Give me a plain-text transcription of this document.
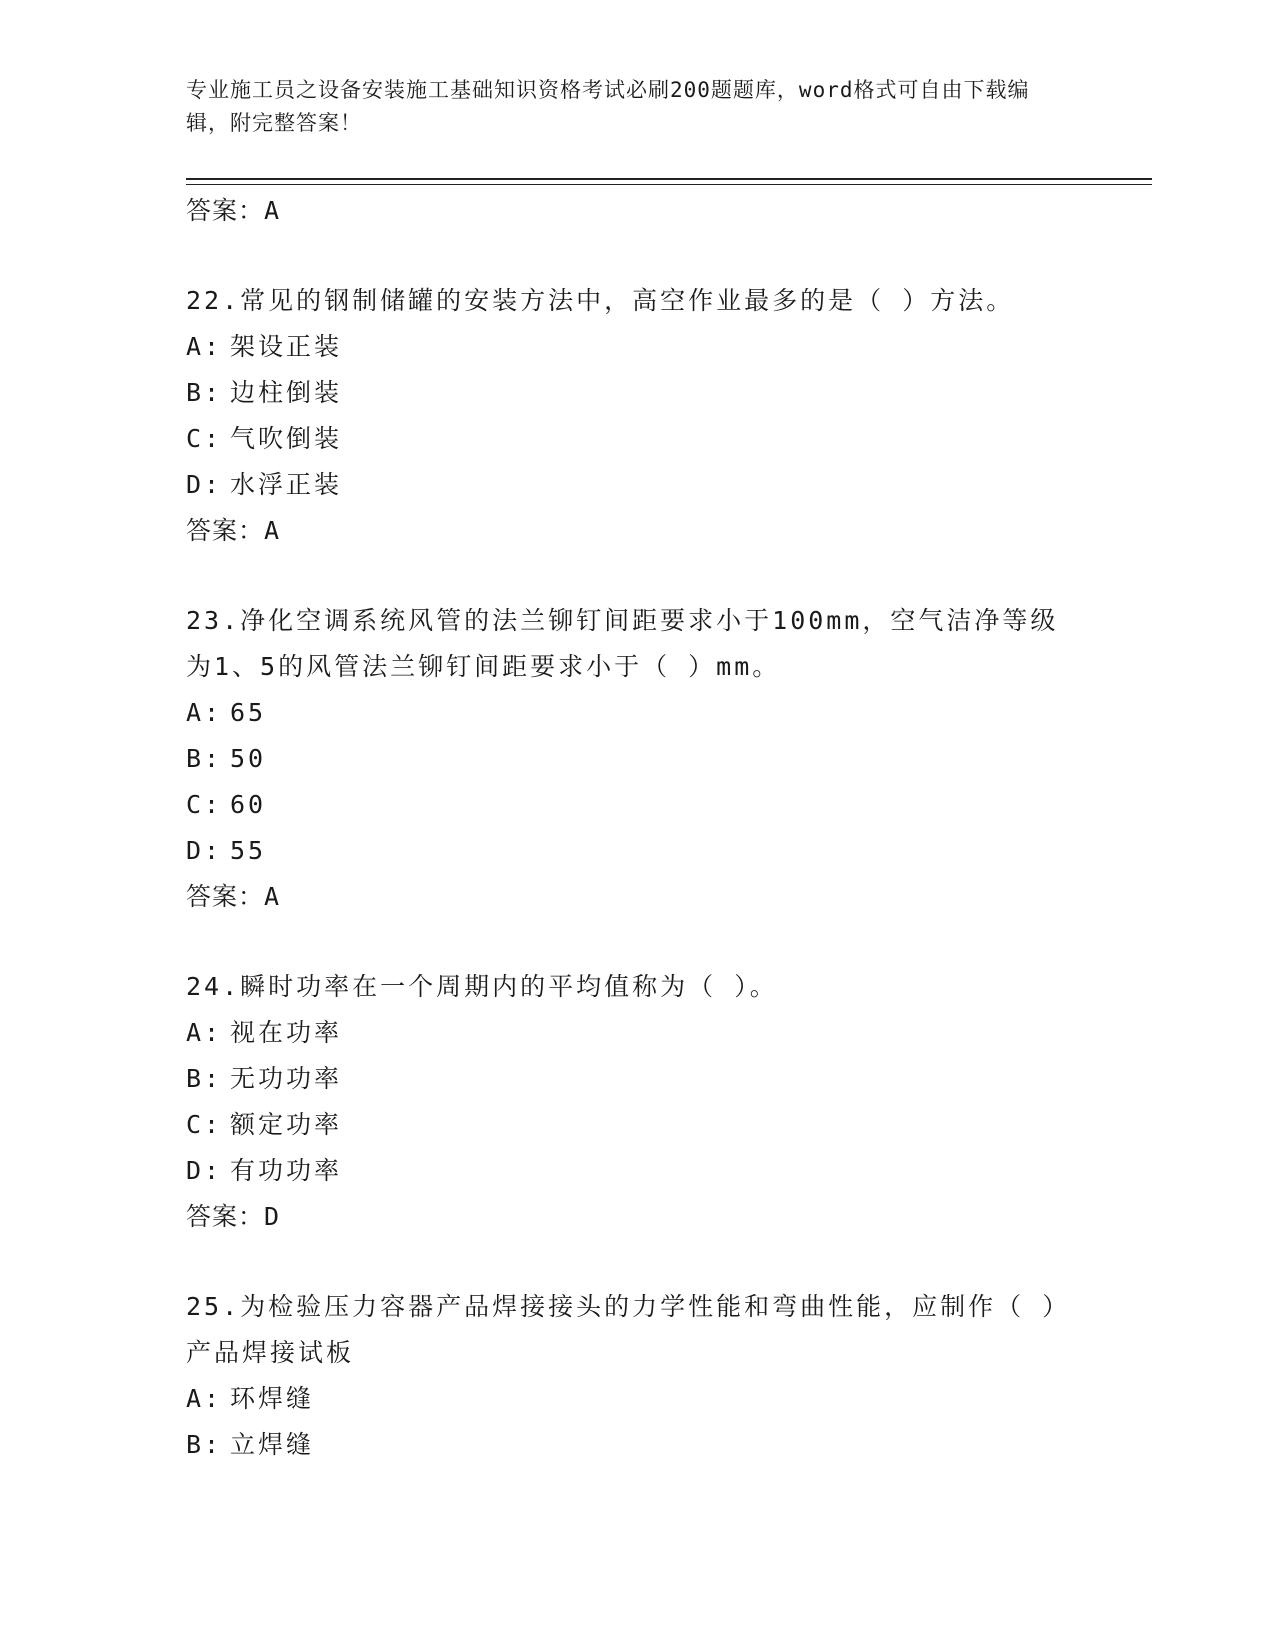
专业施工员之设备安装施工基础知识资格考试必刷200题题库，word格式可自由下载编辑，附完整答案！
答案：A
22.常见的钢制储罐的安装方法中，高空作业最多的是（ ）方法。
A: 架设正装
B: 边柱倒装
C: 气吹倒装
D: 水浮正装
答案：A
23.净化空调系统风管的法兰铆钉间距要求小于100mm，空气洁净等级为1、5的风管法兰铆钉间距要求小于（ ）mm。
A: 65
B: 50
C: 60
D: 55
答案：A
24.瞬时功率在一个周期内的平均值称为（ ）。
A: 视在功率
B: 无功功率
C: 额定功率
D: 有功功率
答案：D
25.为检验压力容器产品焊接接头的力学性能和弯曲性能，应制作（ ）产品焊接试板
A: 环焊缝
B: 立焊缝
